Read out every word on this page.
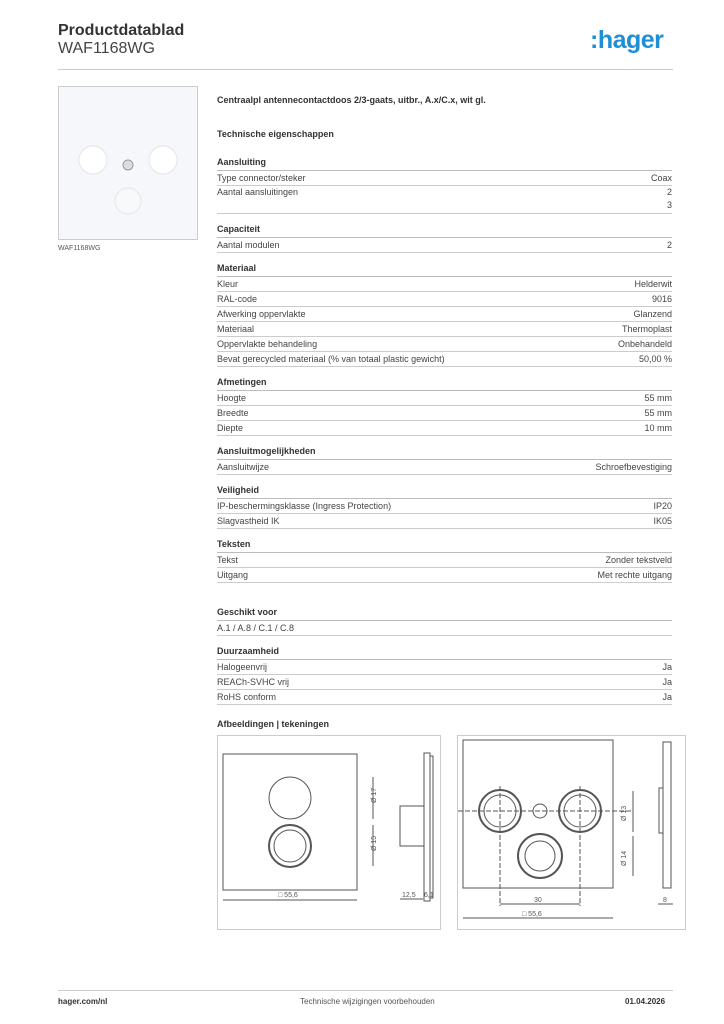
Productdatablad
WAF1168WG	:hager
WAF1168WG
Centraalpl antennecontactdoos 2/3-gaats, uitbr., A.x/C.x, wit gl.
Technische eigenschappen
Aansluiting
Type connector/steker	Coax
Aantal aansluitingen	2
3
Capaciteit
Aantal modulen	2
Materiaal
Kleur	Helderwit
RAL-code	9016
Afwerking oppervlakte	Glanzend
Materiaal	Thermoplast
Oppervlakte behandeling	Onbehandeld
Bevat gerecycled materiaal (% van totaal plastic gewicht)	50,00 %
Afmetingen
Hoogte	55 mm
Breedte	55 mm
Diepte	10 mm
Aansluitmogelijkheden
Aansluitwijze	Schroefbevestiging
Veiligheid
IP-beschermingsklasse (Ingress Protection)	IP20
Slagvastheid IK	IK05
Teksten
Tekst	Zonder tekstveld
Uitgang	Met rechte uitgang
Geschikt voor
A.1 / A.8 / C.1 / C.8
Duurzaamheid
Halogeenvrij	Ja
REACh-SVHC vrij	Ja
RoHS conform	Ja
Afbeeldingen | tekeningen
Ø 17
Ø 15
□ 55,6	12,5 6,1
Ø 13
Ø 14
30
□ 55,6
8
hager.com/nl	Technische wijzigingen voorbehouden	01.04.2026
